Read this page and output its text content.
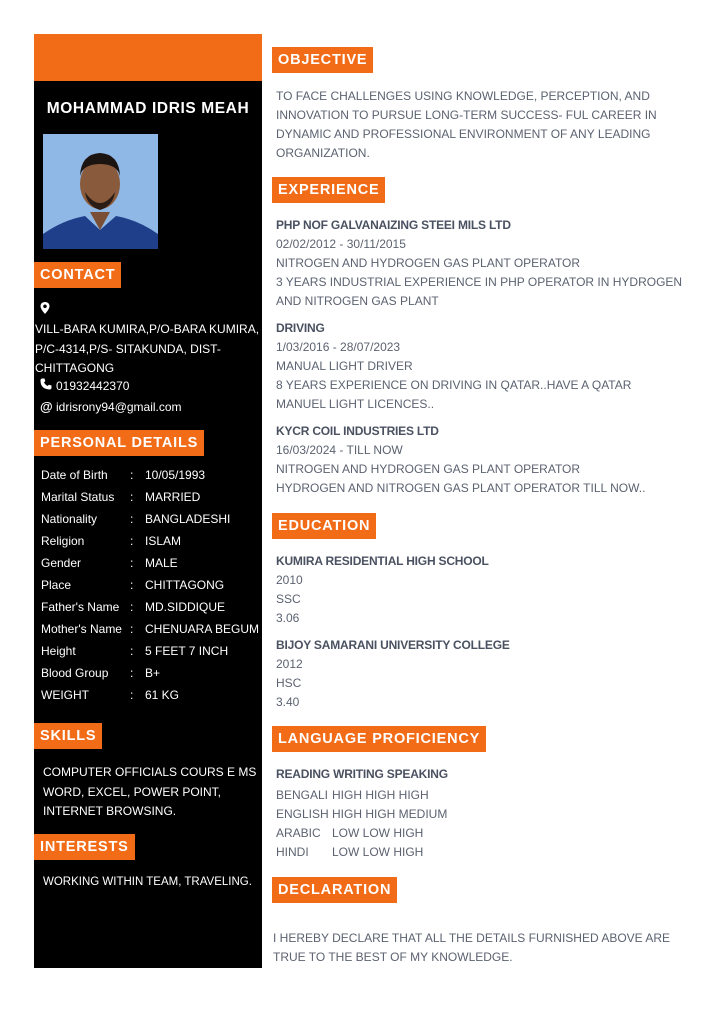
MOHAMMAD IDRIS MEAH
CONTACT
VILL-BARA KUMIRA,P/O-BARA KUMIRA,
P/C-4314,P/S- SITAKUNDA, DIST-
CHITTAGONG
01932442370
@ idrisrony94@gmail.com
PERSONAL DETAILS
Date of Birth : 10/05/1993
Marital Status : MARRIED
Nationality	: BANGLADESHI
Religion	: ISLAM
Gender	: MALE
Place	: CHITTAGONG
Father's Name : MD.SIDDIQUE
Mother's Name : CHENUARA BEGUM
Height	: 5 FEET 7 INCH
Blood Group : B+
WEIGHT	: 61 KG
SKILLS
COMPUTER OFFICIALS COURS E MS
WORD, EXCEL, POWER POINT,
INTERNET BROWSING.
INTERESTS
WORKING WITHIN TEAM, TRAVELING.
OBJECTIVE
TO FACE CHALLENGES USING KNOWLEDGE, PERCEPTION, AND
INNOVATION TO PURSUE LONG-TERM SUCCESS- FUL CAREER IN
DYNAMIC AND PROFESSIONAL ENVIRONMENT OF ANY LEADING
ORGANIZATION.
EXPERIENCE
PHP NOF GALVANAIZING STEEI MILS LTD
02/02/2012 - 30/11/2015
NITROGEN AND HYDROGEN GAS PLANT OPERATOR
3 YEARS INDUSTRIAL EXPERIENCE IN PHP OPERATOR IN HYDROGEN
AND NITROGEN GAS PLANT
DRIVING
1/03/2016 - 28/07/2023
MANUAL LIGHT DRIVER
8 YEARS EXPERIENCE ON DRIVING IN QATAR..HAVE A QATAR
MANUEL LIGHT LICENCES..
KYCR COIL INDUSTRIES LTD
16/03/2024 - TILL NOW
NITROGEN AND HYDROGEN GAS PLANT OPERATOR
HYDROGEN AND NITROGEN GAS PLANT OPERATOR TILL NOW..
EDUCATION
KUMIRA RESIDENTIAL HIGH SCHOOL
2010
SSC
3.06
BIJOY SAMARANI UNIVERSITY COLLEGE
2012
HSC
3.40
LANGUAGE PROFICIENCY
READING WRITING SPEAKING
BENGALI HIGH HIGH HIGH
ENGLISH HIGH HIGH MEDIUM
ARABIC LOW LOW HIGH
HINDI LOW LOW HIGH
DECLARATION
I HEREBY DECLARE THAT ALL THE DETAILS FURNISHED ABOVE ARE
TRUE TO THE BEST OF MY KNOWLEDGE.
